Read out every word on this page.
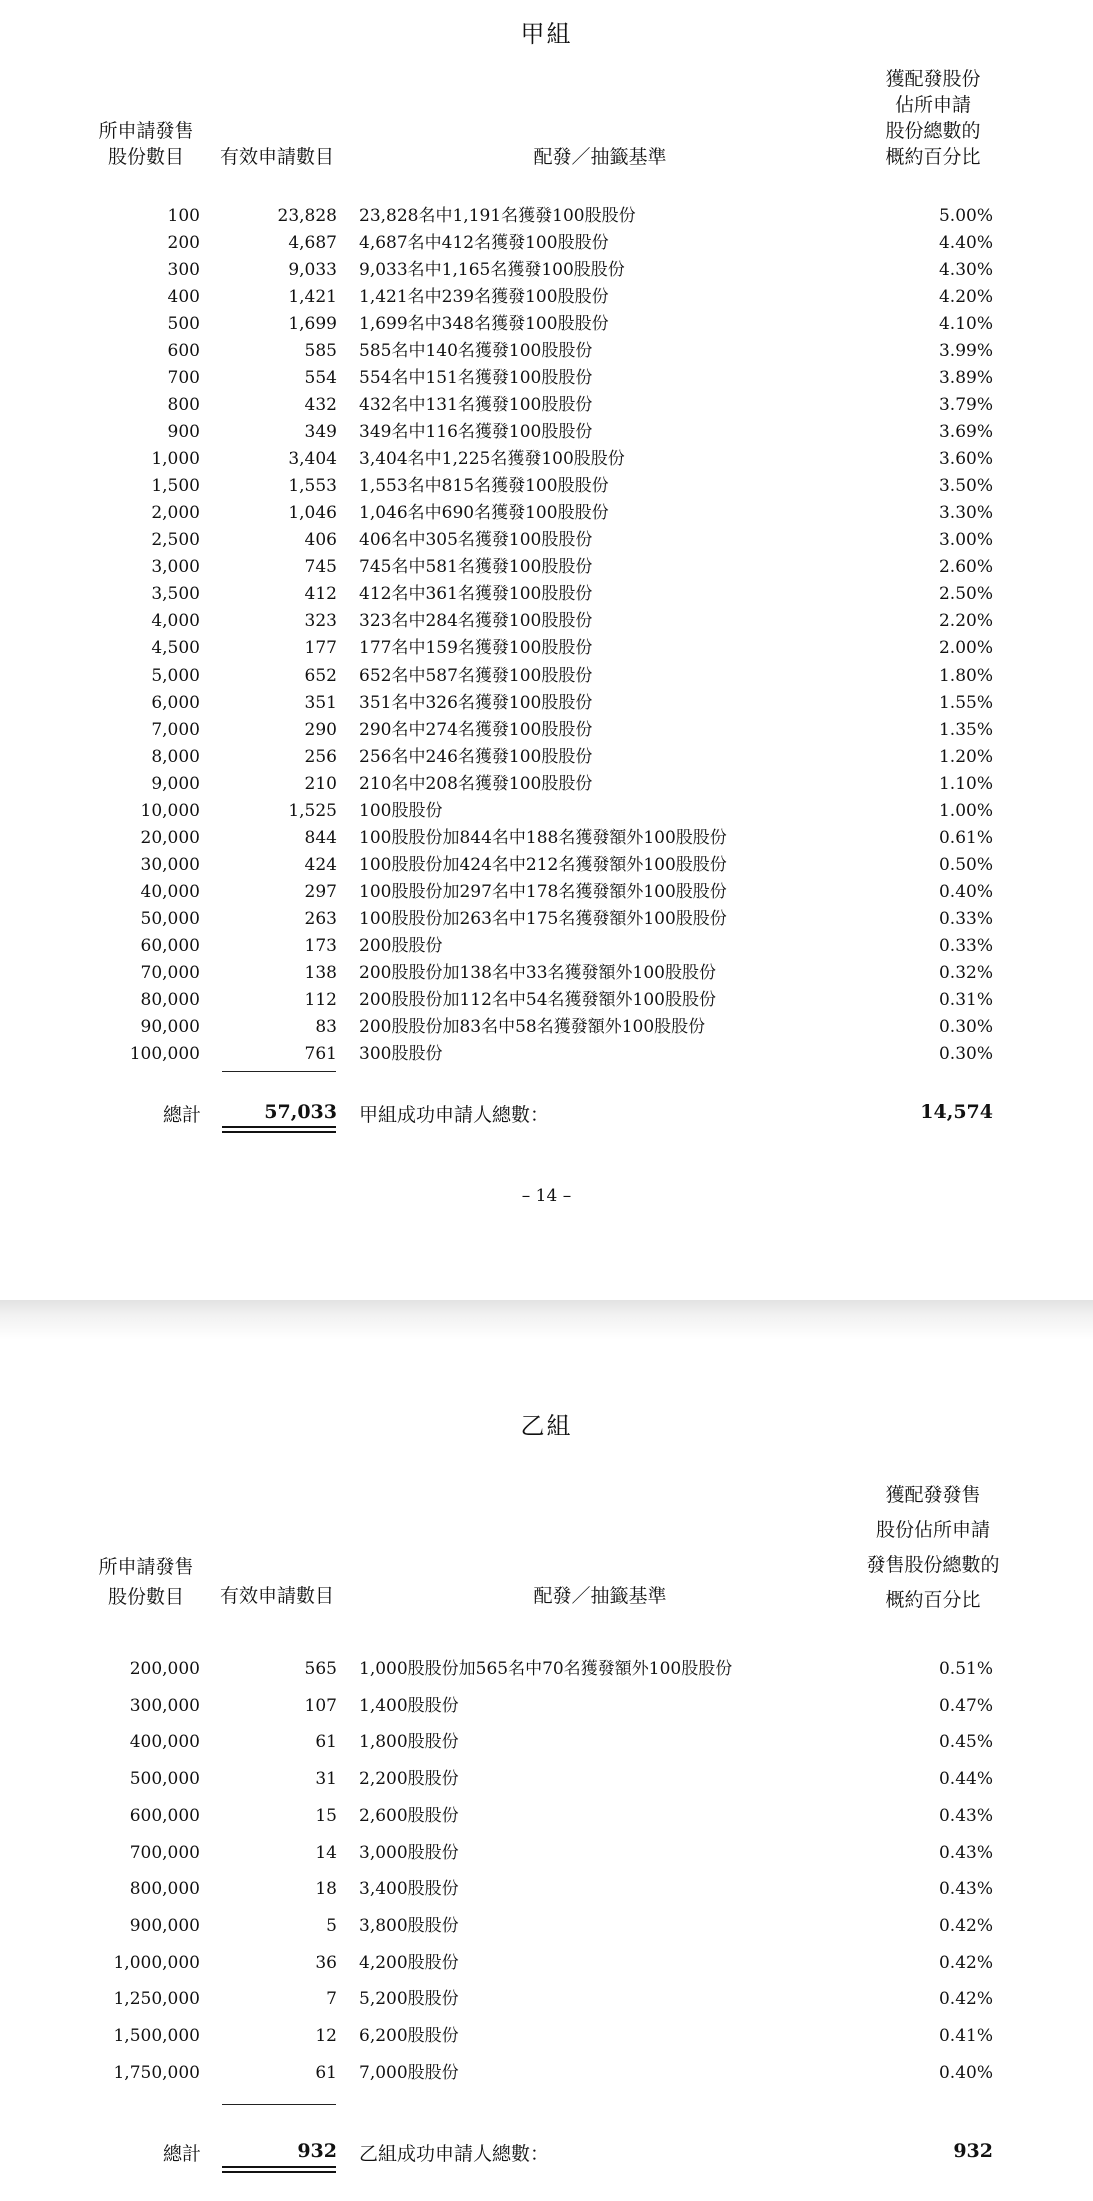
甲組
所申請發售
股份數目	有效申請數目	配發／抽籤基準
獲配發股份
佔所申請
股份總數的
概約百分比
100	23,828 23,828名中1,191名獲發100股股份	5.00%
200	4,687 4,687名中412名獲發100股股份	4.40%
300	9,033 9,033名中1,165名獲發100股股份	4.30%
400	1,421 1,421名中239名獲發100股股份	4.20%
500	1,699 1,699名中348名獲發100股股份	4.10%
600	585 585名中140名獲發100股股份	3.99%
700	554 554名中151名獲發100股股份	3.89%
800	432 432名中131名獲發100股股份	3.79%
900	349 349名中116名獲發100股股份	3.69%
1,000	3,404 3,404名中1,225名獲發100股股份	3.60%
1,500	1,553 1,553名中815名獲發100股股份	3.50%
2,000	1,046 1,046名中690名獲發100股股份	3.30%
2,500	406 406名中305名獲發100股股份	3.00%
3,000	745 745名中581名獲發100股股份	2.60%
3,500	412 412名中361名獲發100股股份	2.50%
4,000	323 323名中284名獲發100股股份	2.20%
4,500	177 177名中159名獲發100股股份	2.00%
5,000	652 652名中587名獲發100股股份	1.80%
6,000	351 351名中326名獲發100股股份	1.55%
7,000	290 290名中274名獲發100股股份	1.35%
8,000	256 256名中246名獲發100股股份	1.20%
9,000	210 210名中208名獲發100股股份	1.10%
10,000	1,525 100股股份	1.00%
20,000	844 100股股份加844名中188名獲發額外100股股份	0.61%
30,000	424 100股股份加424名中212名獲發額外100股股份	0.50%
40,000	297 100股股份加297名中178名獲發額外100股股份	0.40%
50,000	263 100股股份加263名中175名獲發額外100股股份	0.33%
60,000	173 200股股份	0.33%
70,000	138 200股股份加138名中33名獲發額外100股股份	0.32%
80,000	112 200股股份加112名中54名獲發額外100股股份	0.31%
90,000	83 200股股份加83名中58名獲發額外100股股份	0.30%
100,000	761 300股股份	0.30%
總計	57,033 甲組成功申請人總數：	14,574
– 14 –
乙組
所申請發售
股份數目	有效申請數目	配發／抽籤基準
獲配發發售
股份佔所申請
發售股份總數的
概約百分比
200,000	565 1,000股股份加565名中70名獲發額外100股股份	0.51%
300,000	107 1,400股股份	0.47%
400,000	61 1,800股股份	0.45%
500,000	31 2,200股股份	0.44%
600,000	15 2,600股股份	0.43%
700,000	14 3,000股股份	0.43%
800,000	18 3,400股股份	0.43%
900,000	5 3,800股股份	0.42%
1,000,000	36 4,200股股份	0.42%
1,250,000	7 5,200股股份	0.42%
1,500,000	12 6,200股股份	0.41%
1,750,000	61 7,000股股份	0.40%
總計	932 乙組成功申請人總數：	932
